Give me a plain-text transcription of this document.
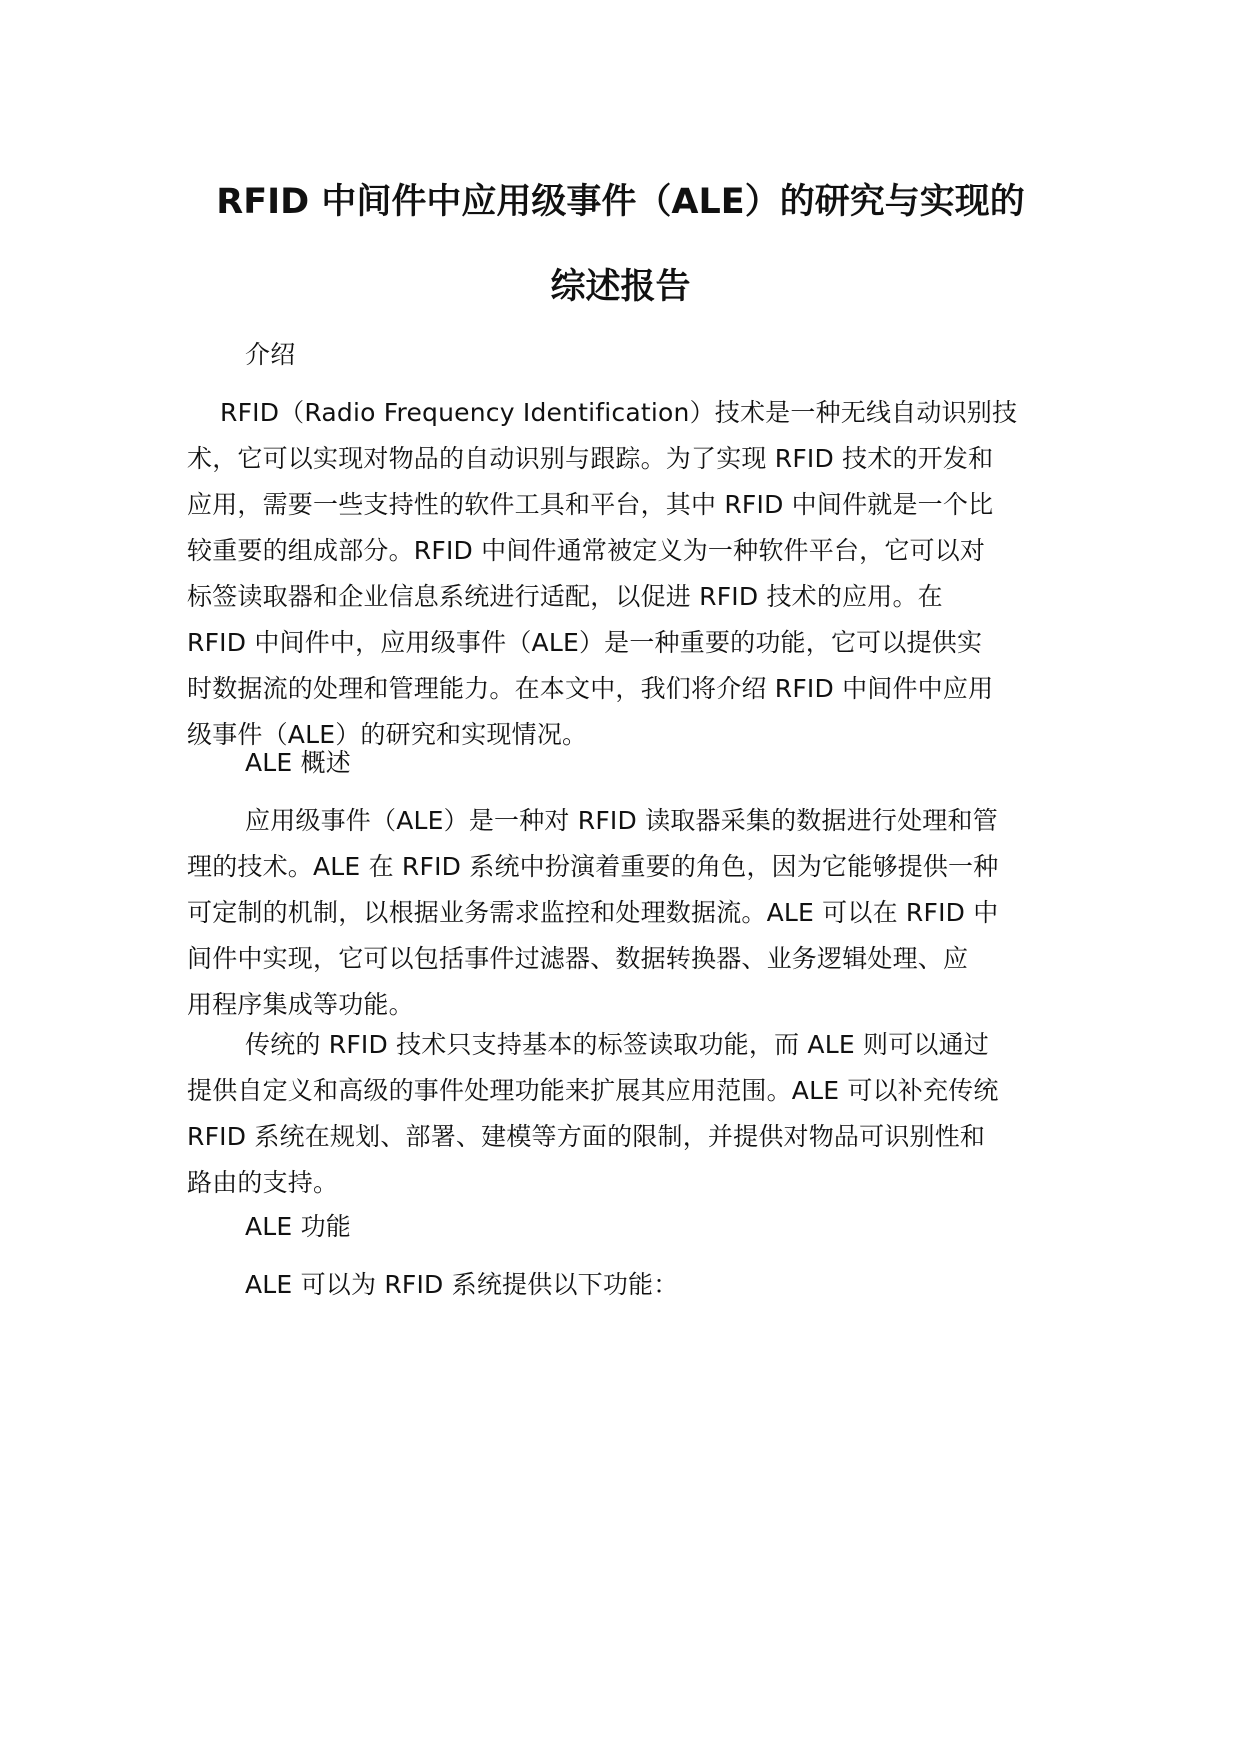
RFID 中间件中应用级事件（ALE）的研究与实现的
综述报告

介绍

RFID（Radio Frequency Identification）技术是一种无线自动识别技
术，它可以实现对物品的自动识别与跟踪。为了实现 RFID 技术的开发和
应用，需要一些支持性的软件工具和平台，其中 RFID 中间件就是一个比
较重要的组成部分。RFID 中间件通常被定义为一种软件平台，它可以对
标签读取器和企业信息系统进行适配，以促进 RFID 技术的应用。在
RFID 中间件中，应用级事件（ALE）是一种重要的功能，它可以提供实
时数据流的处理和管理能力。在本文中，我们将介绍 RFID 中间件中应用
级事件（ALE）的研究和实现情况。

ALE 概述

应用级事件（ALE）是一种对 RFID 读取器采集的数据进行处理和管
理的技术。ALE 在 RFID 系统中扮演着重要的角色，因为它能够提供一种
可定制的机制，以根据业务需求监控和处理数据流。ALE 可以在 RFID 中
间件中实现，它可以包括事件过滤器、数据转换器、业务逻辑处理、应
用程序集成等功能。

传统的 RFID 技术只支持基本的标签读取功能，而 ALE 则可以通过
提供自定义和高级的事件处理功能来扩展其应用范围。ALE 可以补充传统
RFID 系统在规划、部署、建模等方面的限制，并提供对物品可识别性和
路由的支持。

ALE 功能

ALE 可以为 RFID 系统提供以下功能：
